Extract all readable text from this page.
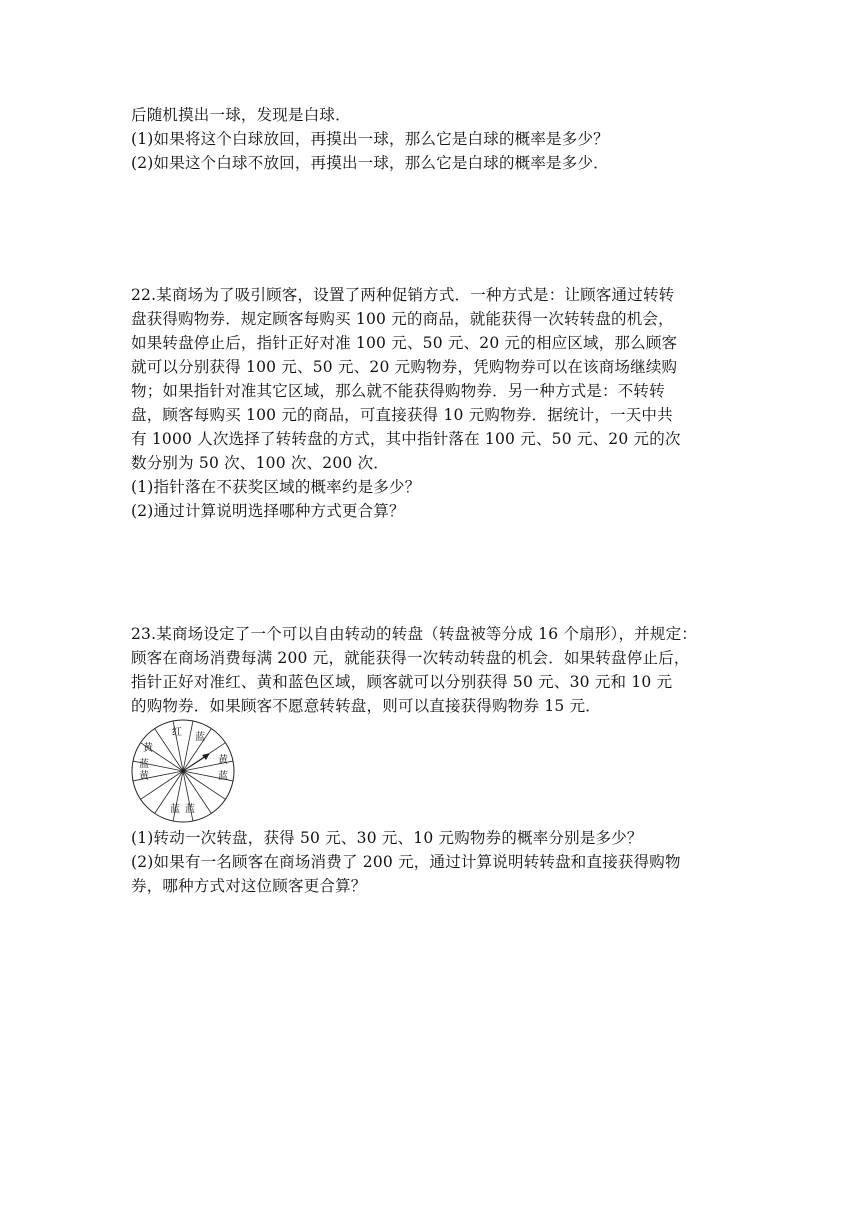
后随机摸出一球，发现是白球．
(1)如果将这个白球放回，再摸出一球，那么它是白球的概率是多少？
(2)如果这个白球不放回，再摸出一球，那么它是白球的概率是多少．
22.某商场为了吸引顾客，设置了两种促销方式．一种方式是：让顾客通过转转
盘获得购物券．规定顾客每购买 100 元的商品，就能获得一次转转盘的机会，
如果转盘停止后，指针正好对准 100 元、50 元、20 元的相应区域，那么顾客
就可以分别获得 100 元、50 元、20 元购物券，凭购物券可以在该商场继续购
物；如果指针对准其它区域，那么就不能获得购物券．另一种方式是：不转转
盘，顾客每购买 100 元的商品，可直接获得 10 元购物券．据统计，一天中共
有 1000 人次选择了转转盘的方式，其中指针落在 100 元、50 元、20 元的次
数分别为 50 次、100 次、200 次．
(1)指针落在不获奖区域的概率约是多少？
(2)通过计算说明选择哪种方式更合算？
23.某商场设定了一个可以自由转动的转盘（转盘被等分成 16 个扇形），并规定：
顾客在商场消费每满 200 元，就能获得一次转动转盘的机会．如果转盘停止后，
指针正好对准红、黄和蓝色区域，顾客就可以分别获得 50 元、30 元和 10 元
的购物券．如果顾客不愿意转转盘，则可以直接获得购物券 15 元．
红 蓝
黄
蓝
黄
黄
蓝
蓝 蓝
(1)转动一次转盘，获得 50 元、30 元、10 元购物券的概率分别是多少？
(2)如果有一名顾客在商场消费了 200 元，通过计算说明转转盘和直接获得购物
券，哪种方式对这位顾客更合算？
